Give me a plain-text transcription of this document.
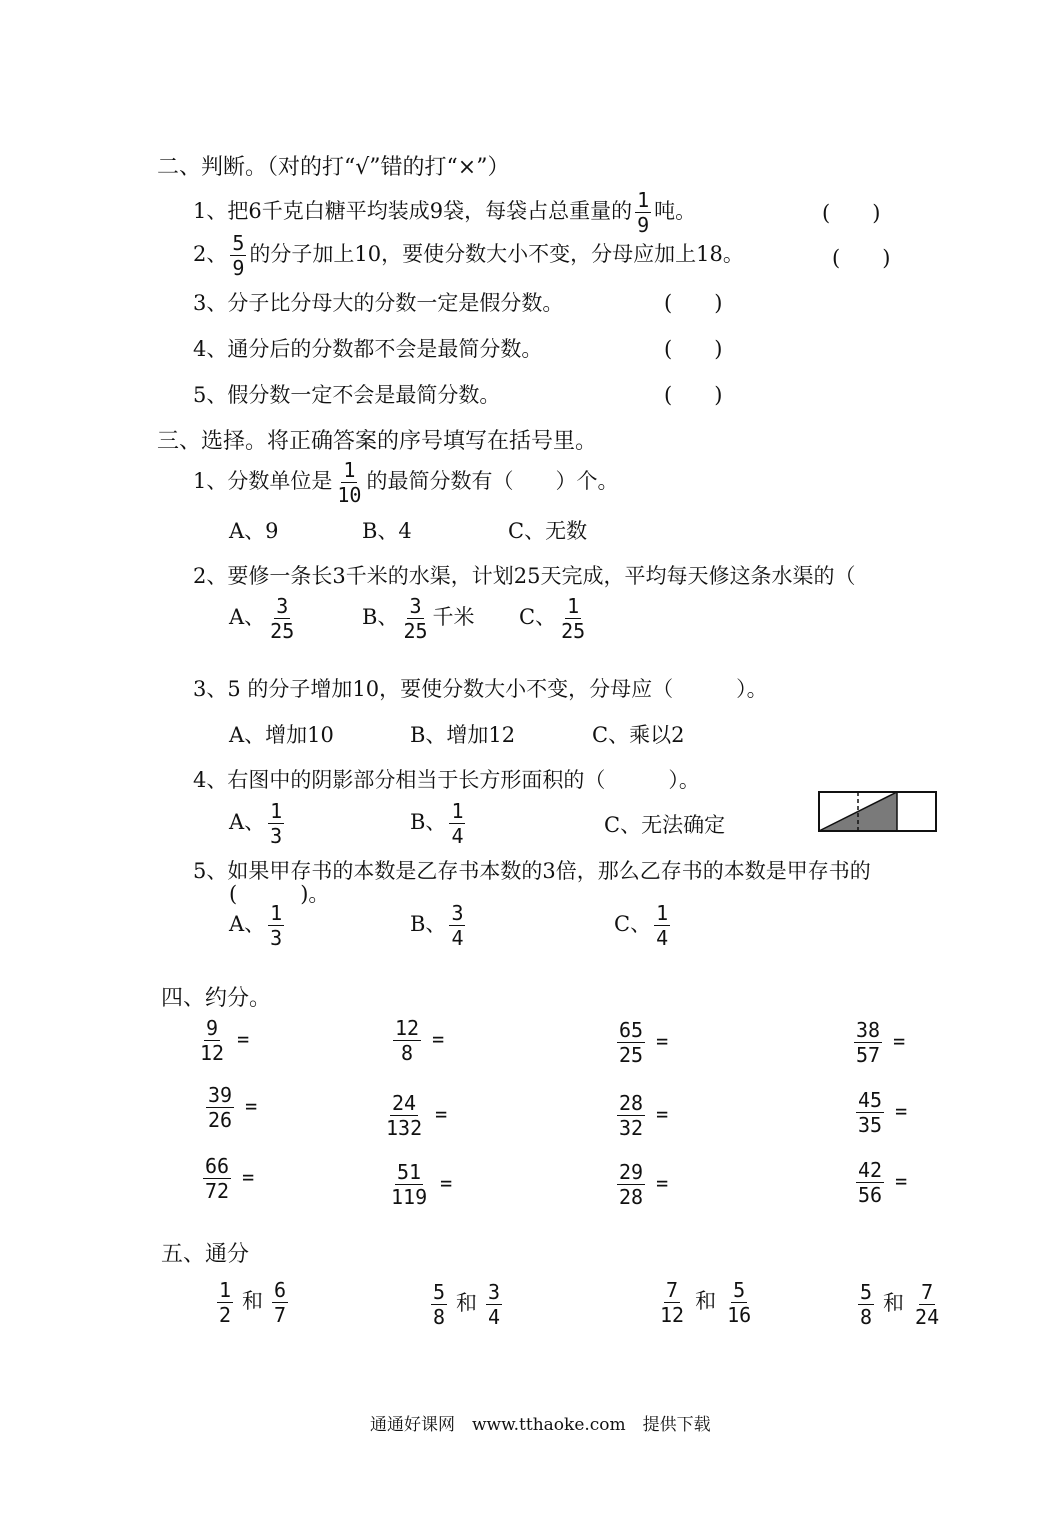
二、判断。（对的打“√”错的打“×”）
1、把6千克白糖平均装成9袋，每袋占总重量的 $\frac{1}{9}$ 吨。	(　　)
2、 $\frac{5}{9}$ 的分子加上10，要使分数大小不变，分母应加上18。	(　　)
3、分子比分母大的分数一定是假分数。	(　　)
4、通分后的分数都不会是最简分数。	(　　)
5、假分数一定不会是最简分数。	(　　)
三、选择。将正确答案的序号填写在括号里。
1、分数单位是 $\frac{1}{10}$ 的最简分数有（　　）个。
A、9	B、4	C、无数
2、要修一条长3千米的水渠，计划25天完成，平均每天修这条水渠的（
A、 $\frac{3}{25}$	B、 $\frac{3}{25}$ 千米 C、 $\frac{1}{25}$
3、5 的分子增加10，要使分数大小不变，分母应（　　　）。
A、增加10	B、增加12	C、乘以2
4、右图中的阴影部分相当于长方形面积的（　　　）。
A、 $\frac{1}{3}$	B、 $\frac{1}{4}$	C、无法确定
5、如果甲存书的本数是乙存书本数的3倍，那么乙存书的本数是甲存书的
(　　　)。
A、 $\frac{1}{3}$	B、 $\frac{3}{4}$	C、 $\frac{1}{4}$
四、约分。
$\frac{9}{12}$ =	$\frac{12}{8}$ =	$\frac{65}{25}$ =	$\frac{38}{57}$ =
$\frac{39}{26}$ =	$\frac{24}{132}$ =	$\frac{28}{32}$ =	$\frac{45}{35}$ =
$\frac{66}{72}$ =	$\frac{51}{119}$ =	$\frac{29}{28}$ =	$\frac{42}{56}$ =
五、通分
$\frac{1}{2}$ 和 $\frac{6}{7}$	$\frac{5}{8}$ 和 $\frac{3}{4}$	$\frac{7}{12}$ 和 $\frac{5}{16}$	$\frac{5}{8}$ 和 $\frac{7}{24}$
通通好课网　www.tthaoke.com　提供下载
